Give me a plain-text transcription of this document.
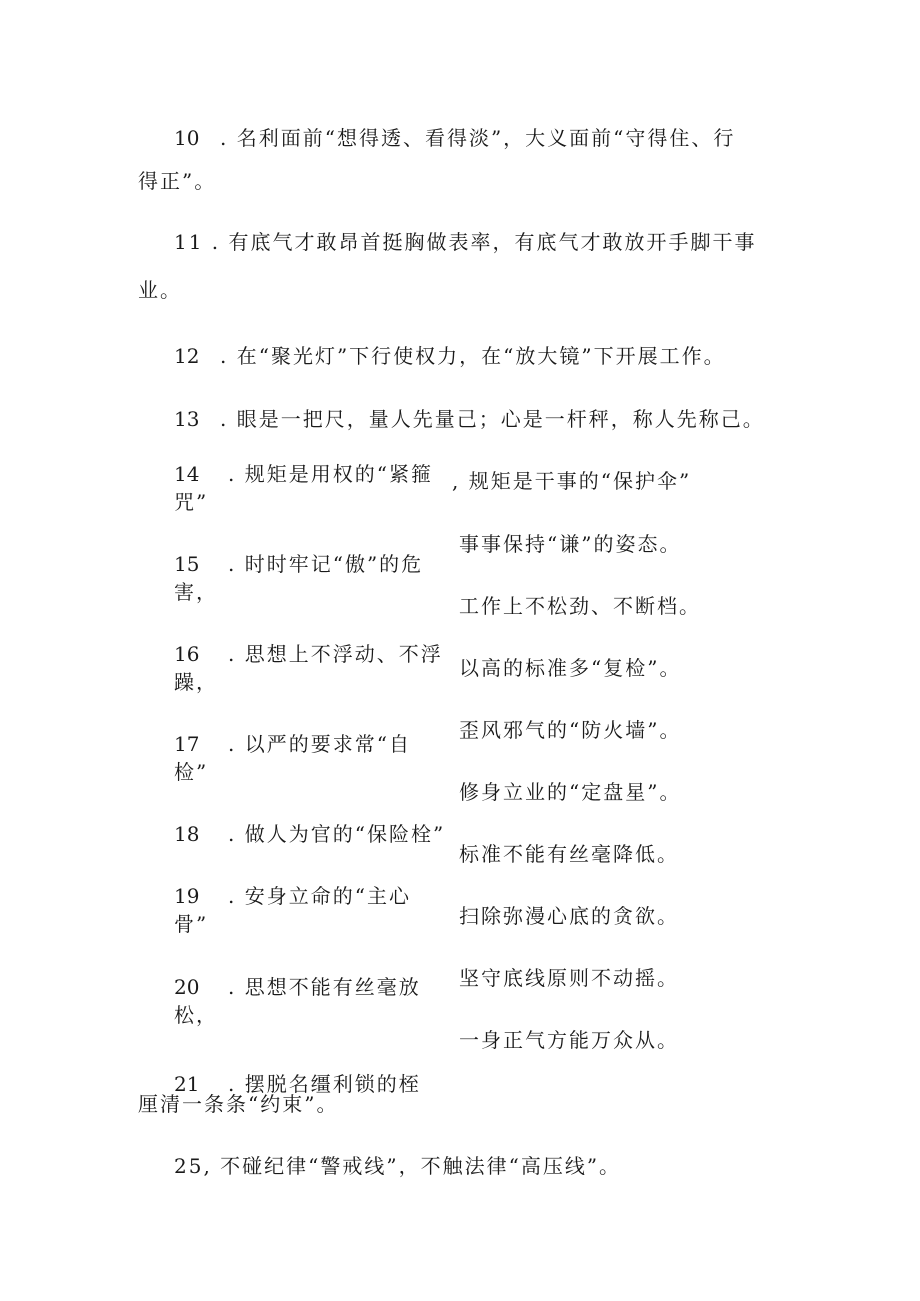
10 . 名利面前“想得透、看得淡”，大义面前“守得住、行
得正”。
11 . 有底气才敢昂首挺胸做表率，有底气才敢放开手脚干事
业。
12 . 在“聚光灯”下行使权力，在“放大镜”下开展工作。
13 . 眼是一把尺，量人先量己；心是一杆秤，称人先称己。
14 . 规矩是用权的“紧箍
咒”
15 . 时时牢记“傲”的危
害，
16 . 思想上不浮动、不浮
躁，
17 . 以严的要求常“自
检”
18 . 做人为官的“保险栓”
19 . 安身立命的“主心
骨”
20 . 思想不能有丝毫放
松，
21 . 摆脱名缰利锁的桎
, 规矩是干事的“保护伞”
事事保持“谦”的姿态。
工作上不松劲、不断档。
以高的标准多“复检”。
歪风邪气的“防火墙”。
修身立业的“定盘星”。
标准不能有丝毫降低。
扫除弥漫心底的贪欲。
坚守底线原则不动摇。
一身正气方能万众从。
厘清一条条“约束”。
25, 不碰纪律“警戒线”，不触法律“高压线”。
